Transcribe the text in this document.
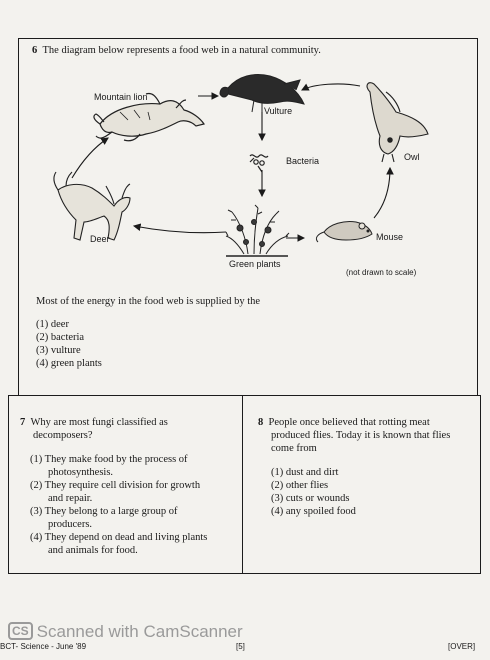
6 The diagram below represents a food web in a natural community.
Mountain lion
Vulture
Bacteria	Owl
Deer
Green plants
Mouse
(not drawn to scale)
Most of the energy in the food web is supplied by the
(1) deer
(2) bacteria
(3) vulture
(4) green plants
7 Why are most fungi classified as
decomposers?
(1) They make food by the process of
photosynthesis.
(2) They require cell division for growth
and repair.
(3) They belong to a large group of
producers.
(4) They depend on dead and living plants
and animals for food.
8 People once believed that rotting meat
produced flies. Today it is known that flies
come from
(1) dust and dirt
(2) other flies
(3) cuts or wounds
(4) any spoiled food
CS Scanned with CamScanner
BCT- Science - June '89	[5]	[OVER]
